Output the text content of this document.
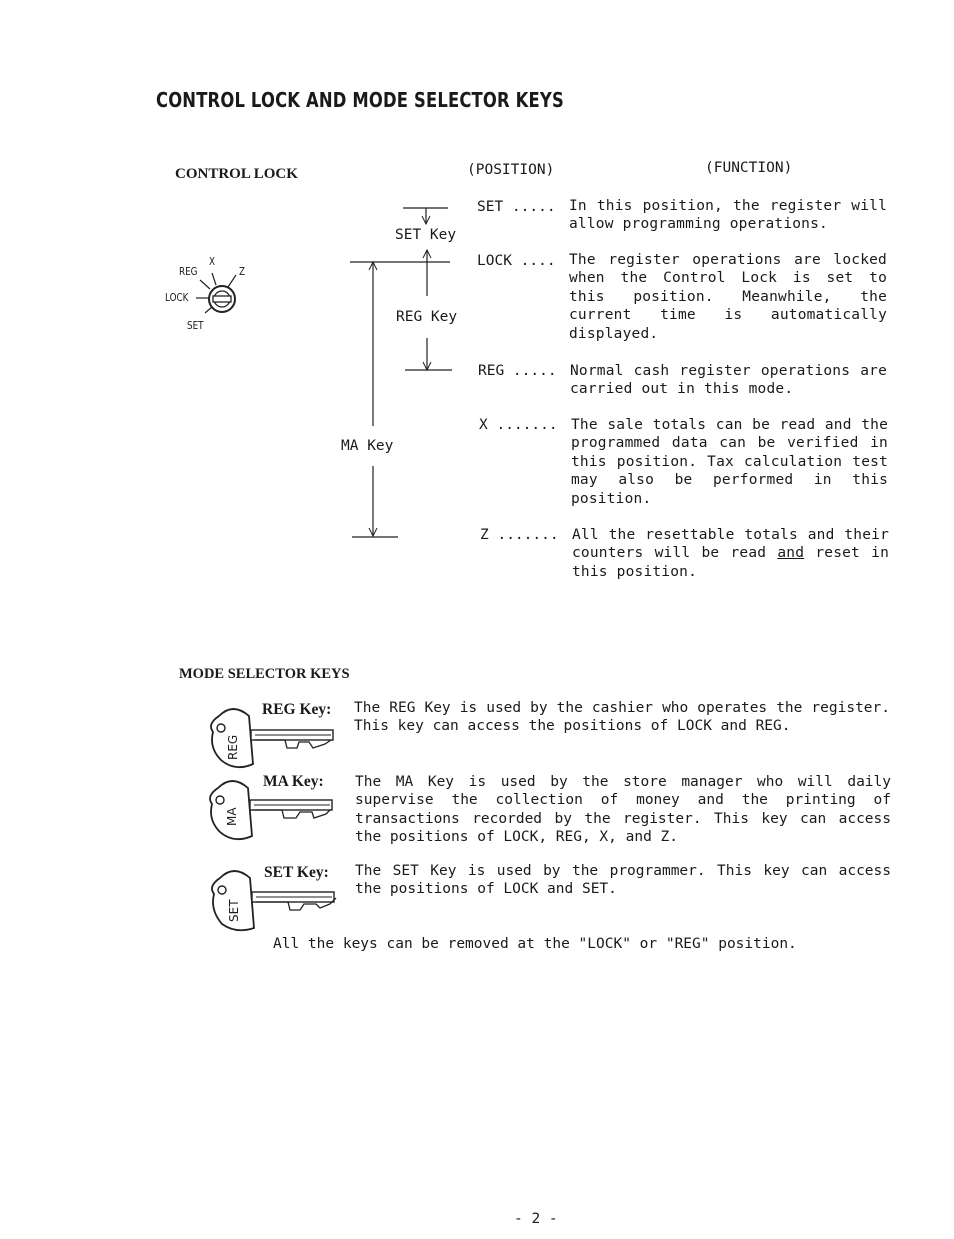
CONTROL LOCK AND MODE SELECTOR KEYS
CONTROL LOCK	(POSITION)	(FUNCTION)
REG
X
Z
LOCK
SET
SET Key
REG Key
MA Key
SET ..... In this position, the register will allow programming operations.
LOCK .... The register operations are locked when the Control Lock is set to this position. Meanwhile, the current time is automatically displayed.
REG ..... Normal cash register operations are carried out in this mode.
X ....... The sale totals can be read and the programmed data can be verified in this position. Tax calculation test may also be performed in this position.
Z ....... All the resettable totals and their counters will be read and reset in this position.
MODE SELECTOR KEYS
REG
REG Key: The REG Key is used by the cashier who operates the register. This key can access the positions of LOCK and REG.
MA
MA Key: The MA Key is used by the store manager who will daily supervise the collection of money and the printing of transactions recorded by the register. This key can access the positions of LOCK, REG, X, and Z.
SET
SET Key: The SET Key is used by the programmer. This key can access the positions of LOCK and SET.
All the keys can be removed at the "LOCK" or "REG" position.
- 2 -
